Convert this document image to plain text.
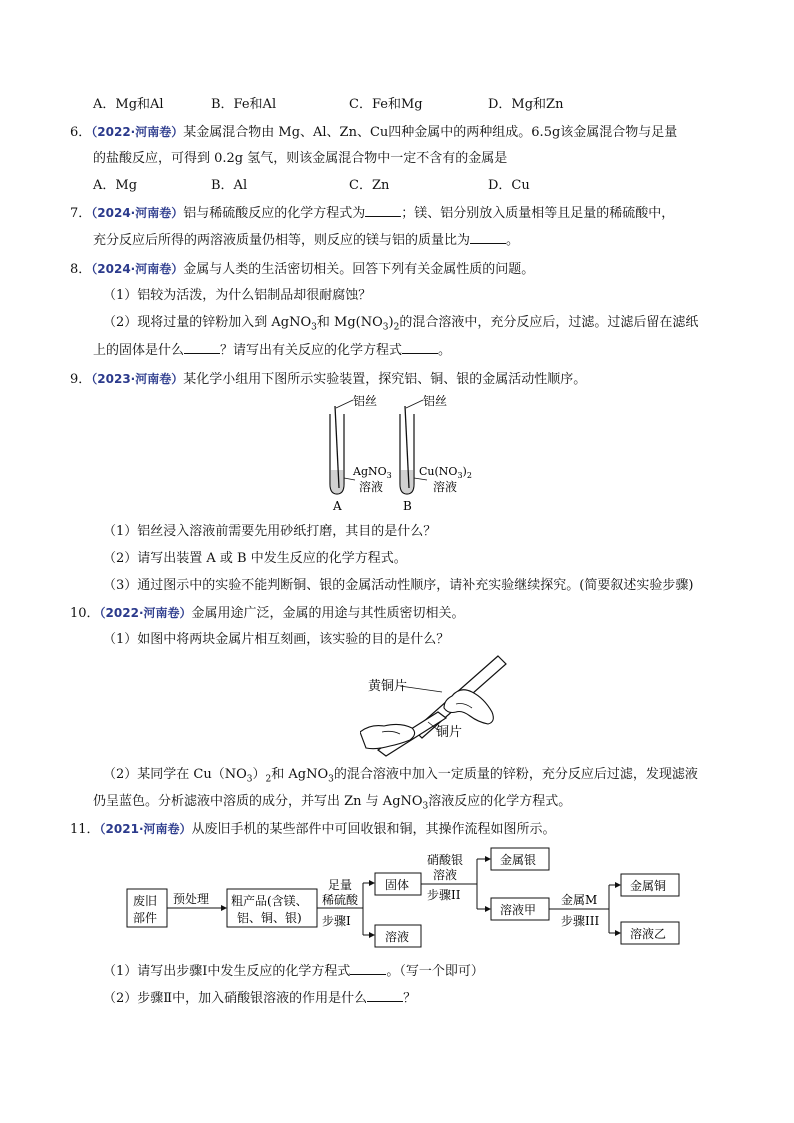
A．Mg和Al	B．Fe和Al	C．Fe和Mg	D．Mg和Zn
6．（2022·河南卷）某金属混合物由 Mg、Al、Zn、Cu四种金属中的两种组成。6.5g该金属混合物与足量
的盐酸反应，可得到 0.2g 氢气，则该金属混合物中一定不含有的金属是
A．Mg	B．Al	C．Zn	D．Cu
7．（2024·河南卷）铝与稀硫酸反应的化学方程式为	；镁、铝分别放入质量相等且足量的稀硫酸中，
充分反应后所得的两溶液质量仍相等，则反应的镁与铝的质量比为	。
8．（2024·河南卷）金属与人类的生活密切相关。回答下列有关金属性质的问题。
（1）铝较为活泼，为什么铝制品却很耐腐蚀？
（2）现将过量的锌粉加入到 AgNO$_3$和 $Mg(NO_3)_2$的混合溶液中，充分反应后，过滤。过滤后留在滤纸
上的固体是什么	？请写出有关反应的化学方程式	。
9．（2023·河南卷）某化学小组用下图所示实验装置，探究铝、铜、银的金属活动性顺序。
铝丝
AgNO$_3$
溶液
A
铝丝
$Cu(NO_3)_2$
溶液
B
（1）铝丝浸入溶液前需要先用砂纸打磨，其目的是什么？
（2）请写出装置 A 或 B 中发生反应的化学方程式。
（3）通过图示中的实验不能判断铜、银的金属活动性顺序，请补充实验继续探究。(简要叙述实验步骤)
10．（2022·河南卷）金属用途广泛，金属的用途与其性质密切相关。
（1）如图中将两块金属片相互刻画，该实验的目的是什么？
黄铜片
铜片
（2）某同学在 $Cu(NO_3)_2$和 AgNO$_3$的混合溶液中加入一定质量的锌粉，充分反应后过滤，发现滤液
仍呈蓝色。分析滤液中溶质的成分，并写出 Zn 与 AgNO$_3$溶液反应的化学方程式。
11．（2021·河南卷）从废旧手机的某些部件中可回收银和铜，其操作流程如图所示。
废旧
部件
预处理 粗产品(含镁、
铝、铜、银)
足量
稀硫酸
步骤I
固体
溶液
硝酸银
溶液
步骤II
金属银
溶液甲
金属M
步骤III
金属铜
溶液乙
（1）请写出步骤Ⅰ中发生反应的化学方程式	。（写一个即可）
（2）步骤Ⅱ中，加入硝酸银溶液的作用是什么	？
